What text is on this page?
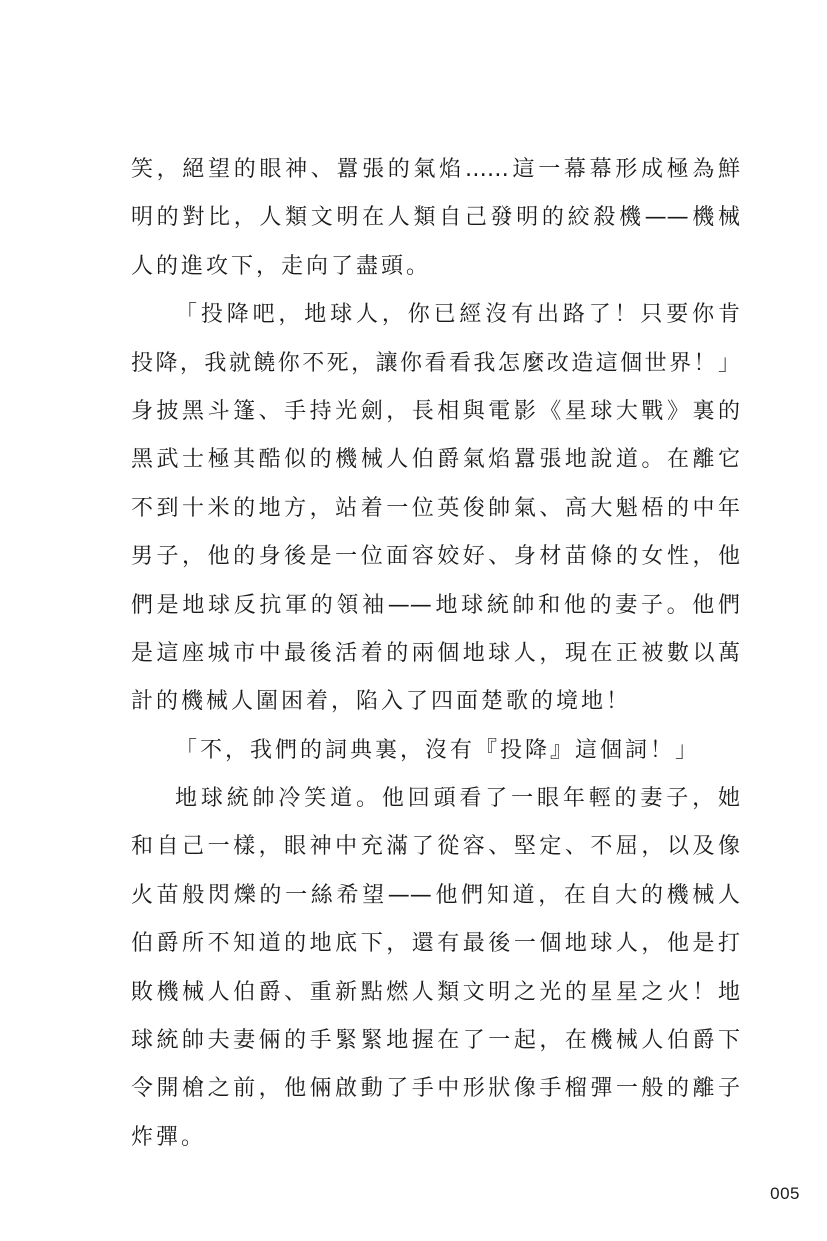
笑，絕望的眼神、囂張的氣焰……這一幕幕形成極為鮮
明的對比，人類文明在人類自己發明的絞殺機——機械
人的進攻下，走向了盡頭。
「投降吧，地球人，你已經沒有出路了！只要你肯
投降，我就饒你不死，讓你看看我怎麼改造這個世界！」
身披黑斗篷、手持光劍，長相與電影《星球大戰》裏的
黑武士極其酷似的機械人伯爵氣焰囂張地說道。在離它
不到十米的地方，站着一位英俊帥氣、高大魁梧的中年
男子，他的身後是一位面容姣好、身材苗條的女性，他
們是地球反抗軍的領袖——地球統帥和他的妻子。他們
是這座城市中最後活着的兩個地球人，現在正被數以萬
計的機械人圍困着，陷入了四面楚歌的境地！
「不，我們的詞典裏，沒有『投降』這個詞！」
地球統帥冷笑道。他回頭看了一眼年輕的妻子，她
和自己一樣，眼神中充滿了從容、堅定、不屈，以及像
火苗般閃爍的一絲希望——他們知道，在自大的機械人
伯爵所不知道的地底下，還有最後一個地球人，他是打
敗機械人伯爵、重新點燃人類文明之光的星星之火！地
球統帥夫妻倆的手緊緊地握在了一起，在機械人伯爵下
令開槍之前，他倆啟動了手中形狀像手榴彈一般的離子
炸彈。
005
